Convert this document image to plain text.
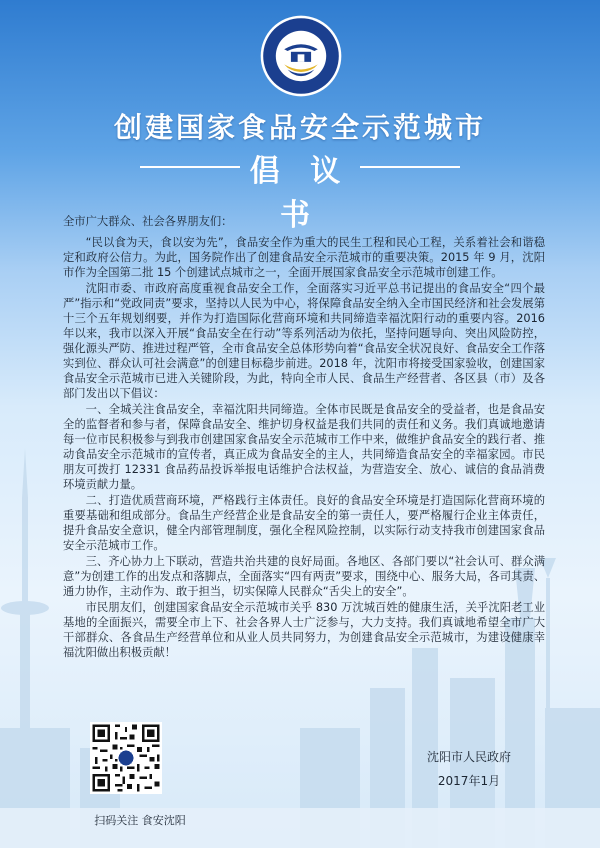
创建国家食品安全示范城市
倡 议 书

全市广大群众、社会各界朋友们：

“民以食为天，食以安为先”，食品安全作为重大的民生工程和民心工程，关系着社会和谐稳定和政府公信力。为此，国务院作出了创建食品安全示范城市的重要决策。2015 年 9 月，沈阳市作为全国第二批 15 个创建试点城市之一，全面开展国家食品安全示范城市创建工作。

沈阳市委、市政府高度重视食品安全工作，全面落实习近平总书记提出的食品安全“四个最严”指示和“党政同责”要求，坚持以人民为中心，将保障食品安全纳入全市国民经济和社会发展第十三个五年规划纲要，并作为打造国际化营商环境和共同缔造幸福沈阳行动的重要内容。2016 年以来，我市以深入开展“食品安全在行动”等系列活动为依托，坚持问题导向、突出风险防控，强化源头严防、推进过程严管，全市食品安全总体形势向着“食品安全状况良好、食品安全工作落实到位、群众认可社会满意”的创建目标稳步前进。2018 年，沈阳市将接受国家验收，创建国家食品安全示范城市已进入关键阶段，为此，特向全市人民、食品生产经营者、各区县（市）及各部门发出以下倡议：

一、全城关注食品安全，幸福沈阳共同缔造。全体市民既是食品安全的受益者，也是食品安全的监督者和参与者，保障食品安全、维护切身权益是我们共同的责任和义务。我们真诚地邀请每一位市民积极参与到我市创建国家食品安全示范城市工作中来，做维护食品安全的践行者、推动食品安全示范城市的宣传者，真正成为食品安全的主人，共同缔造食品安全的幸福家园。市民朋友可拨打 12331 食品药品投诉举报电话维护合法权益，为营造安全、放心、诚信的食品消费环境贡献力量。

二、打造优质营商环境，严格践行主体责任。良好的食品安全环境是打造国际化营商环境的重要基础和组成部分。食品生产经营企业是食品安全的第一责任人，要严格履行企业主体责任，提升食品安全意识，健全内部管理制度，强化全程风险控制，以实际行动支持我市创建国家食品安全示范城市工作。

三、齐心协力上下联动，营造共治共建的良好局面。各地区、各部门要以“社会认可、群众满意”为创建工作的出发点和落脚点，全面落实“四有两责”要求，围绕中心、服务大局，各司其责、通力协作，主动作为、敢于担当，切实保障人民群众“舌尖上的安全”。

市民朋友们，创建国家食品安全示范城市关乎 830 万沈城百姓的健康生活，关乎沈阳老工业基地的全面振兴，需要全市上下、社会各界人士广泛参与，大力支持。我们真诚地希望全市广大干部群众、各食品生产经营单位和从业人员共同努力，为创建食品安全示范城市，为建设健康幸福沈阳做出积极贡献！

扫码关注 食安沈阳
沈阳市人民政府
2017年1月
